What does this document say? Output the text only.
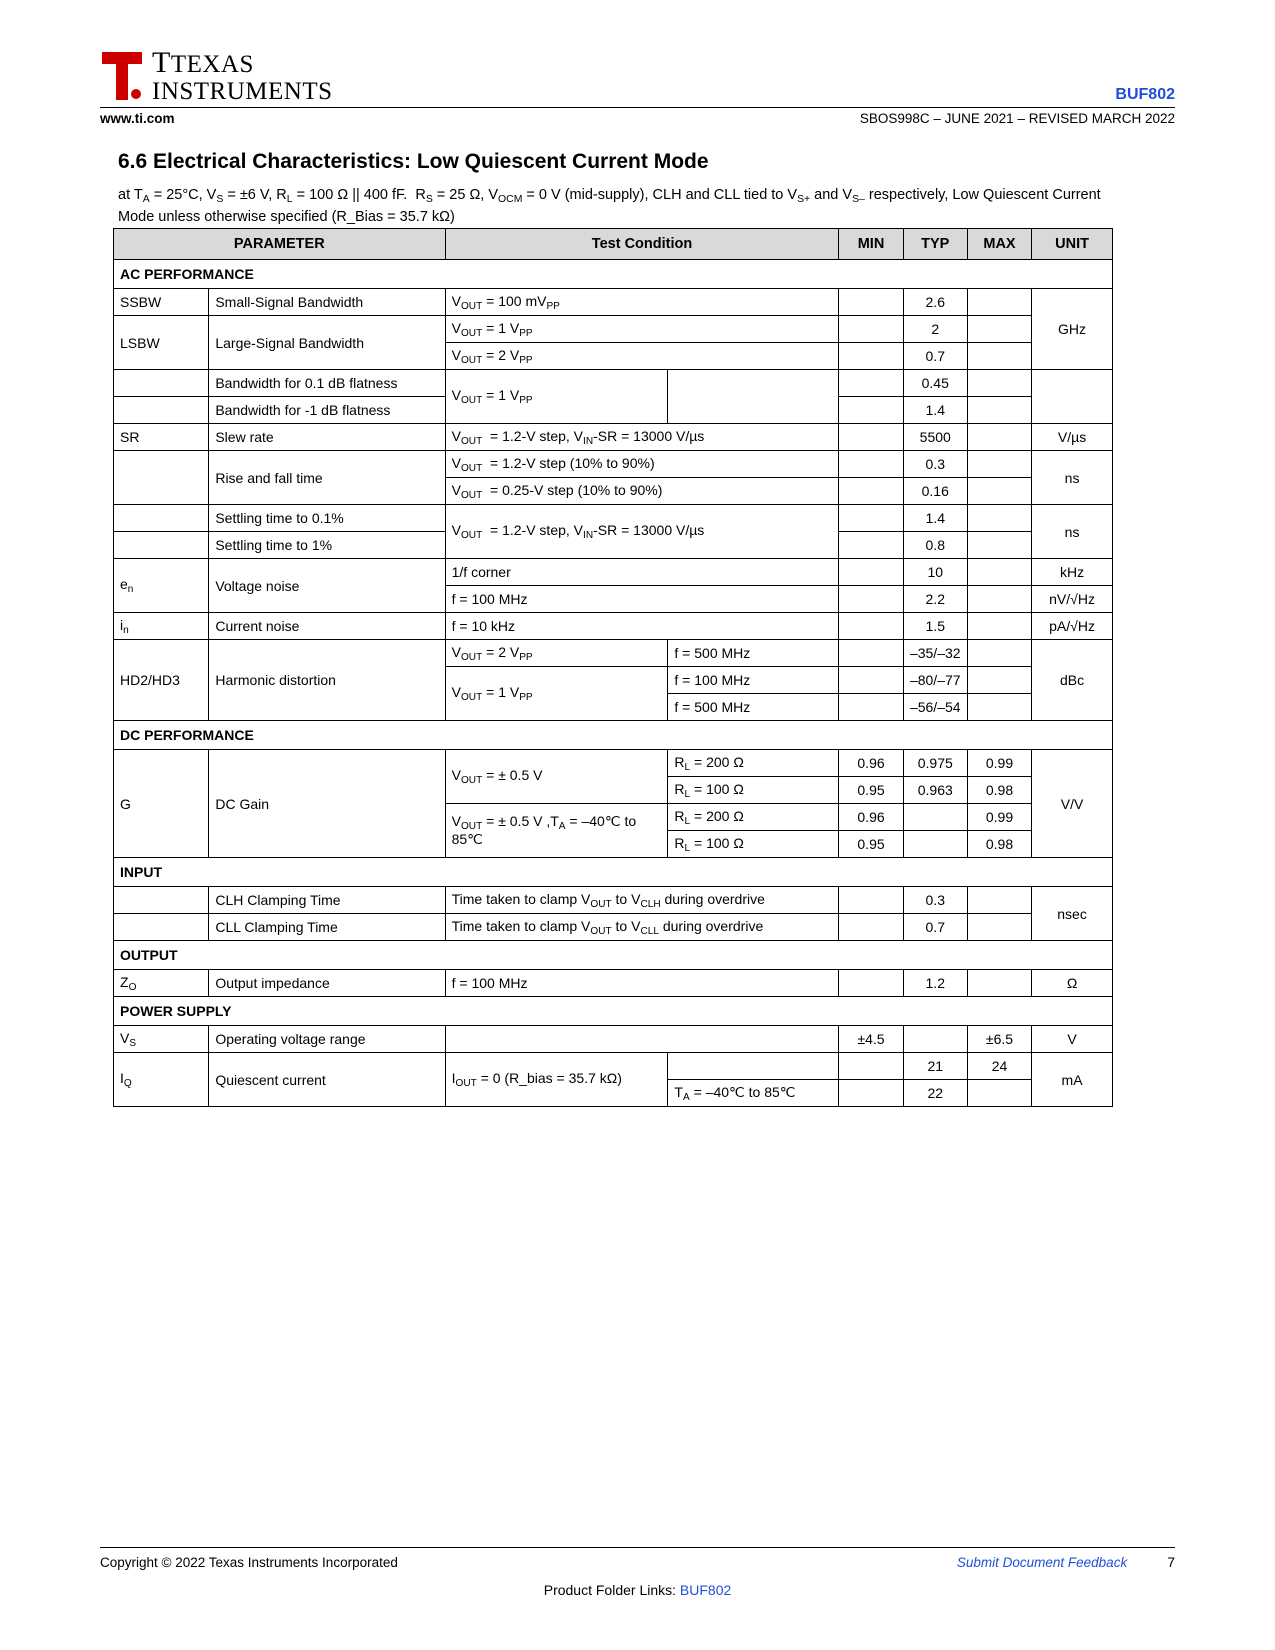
TTEXAS
INSTRUMENTS	BUF802
www.ti.com	SBOS998C – JUNE 2021 – REVISED MARCH 2022
6.6 Electrical Characteristics: Low Quiescent Current Mode
at $T_A = 25^\circ C$, $V_S = \pm 6$ V, $R_L = 100$ Ω || 400 fF.  $R_S = 25$ Ω, $V_{OCM} = 0$ V (mid-supply), CLH and CLL tied to $V_{S+}$ and $V_{S-}$ respectively, Low Quiescent Current Mode unless otherwise specified (R_Bias = 35.7 kΩ)
PARAMETER		Test Condition		MIN	TYP	MAX	UNIT
AC PERFORMANCE							
SSBW	Small-Signal Bandwidth	$V_{OUT} = 100$ $mV_{PP}$			2.6		GHz
LSBW	Large-Signal Bandwidth	$V_{OUT} = 1$ $V_{PP}$			2		
		$V_{OUT} = 2$ $V_{PP}$			0.7		
	Bandwidth for 0.1 dB flatness	$V_{OUT} = 1$ $V_{PP}$			0.45		
	Bandwidth for -1 dB flatness				1.4		
SR	Slew rate	$V_{OUT} = 1.2-V$ step, $V_{IN}-SR = 13000$ V/µs			5500		V/µs
	Rise and fall time	$V_{OUT} = 1.2-V$ step (10% to 90%)			0.3		ns
		$V_{OUT} = 0.25-V$ step (10% to 90%)			0.16		
	Settling time to 0.1%	$V_{OUT} = 1.2-V$ step, $V_{IN}-SR = 13000$ V/µs			1.4		ns
	Settling time to 1%				0.8		
$e_n$	Voltage noise	1/f corner			10		kHz
		f = 100 MHz			2.2		nV/√Hz
$i_n$	Current noise	f = 10 kHz			1.5		pA/√Hz
HD2/HD3	Harmonic distortion	$V_{OUT} = 2$ $V_{PP}$	f = 500 MHz		–35/–32		dBc
		$V_{OUT} = 1$ $V_{PP}$	f = 100 MHz		–80/–77		
			f = 500 MHz		–56/–54		
DC PERFORMANCE							
G	DC Gain	$V_{OUT}$ = ± 0.5 V	$R_L = 200$ Ω	0.96	0.975	0.99	V/V
			$R_L = 100$ Ω	0.95	0.963	0.98	
		$V_{OUT}$ = ± 0.5 V $,T_A$ = –40℃ to 85℃	$R_L = 200$ Ω	0.96		0.99	
			$R_L = 100$ Ω	0.95		0.98	
INPUT							
	CLH Clamping Time	Time taken to clamp $V_{OUT}$ to $V_{CLH}$ during overdrive			0.3		nsec
	CLL Clamping Time	Time taken to clamp $V_{OUT}$ to $V_{CLL}$ during overdrive			0.7		
OUTPUT							
$Z_O$	Output impedance	f = 100 MHz			1.2		Ω
POWER SUPPLY							
$V_S$	Operating voltage range			±4.5		±6.5	V
$I_Q$	Quiescent current	$I_{OUT} = 0$ (R_bias = 35.7 kΩ)			21	24	mA
			$T_A$ = –40℃ to 85℃		22		
Copyright © 2022 Texas Instruments Incorporated	Submit Document Feedback	7
Product Folder Links: BUF802
